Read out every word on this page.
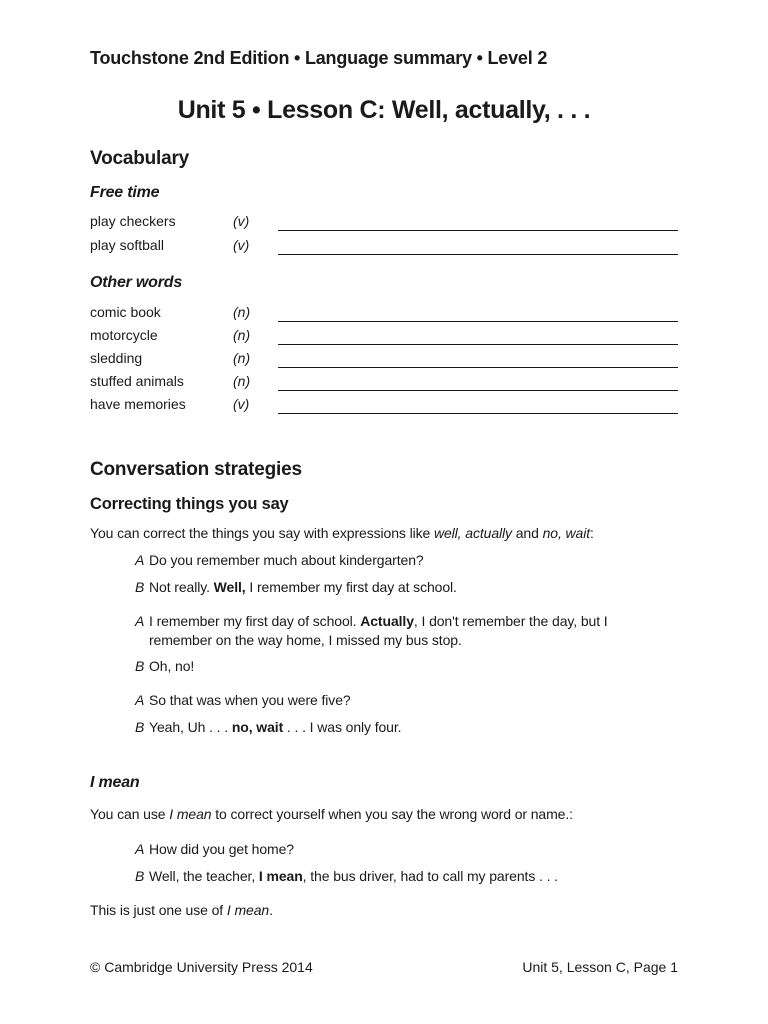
Touchstone 2nd Edition • Language summary • Level 2
Unit 5 • Lesson C: Well, actually, . . .
Vocabulary
Free time
play checkers	(v)
play softball	(v)
Other words
comic book	(n)
motorcycle	(n)
sledding	(n)
stuffed animals	(n)
have memories	(v)
Conversation strategies
Correcting things you say
You can correct the things you say with expressions like well, actually and no, wait:
A Do you remember much about kindergarten?
B Not really. Well, I remember my first day at school.
A I remember my first day of school. Actually, I don't remember the day, but I
remember on the way home, I missed my bus stop.
B Oh, no!
A So that was when you were five?
B Yeah, Uh . . . no, wait . . . I was only four.
I mean
You can use I mean to correct yourself when you say the wrong word or name.:
A How did you get home?
B Well, the teacher, I mean, the bus driver, had to call my parents . . .
This is just one use of I mean.
© Cambridge University Press 2014	Unit 5, Lesson C, Page 1
